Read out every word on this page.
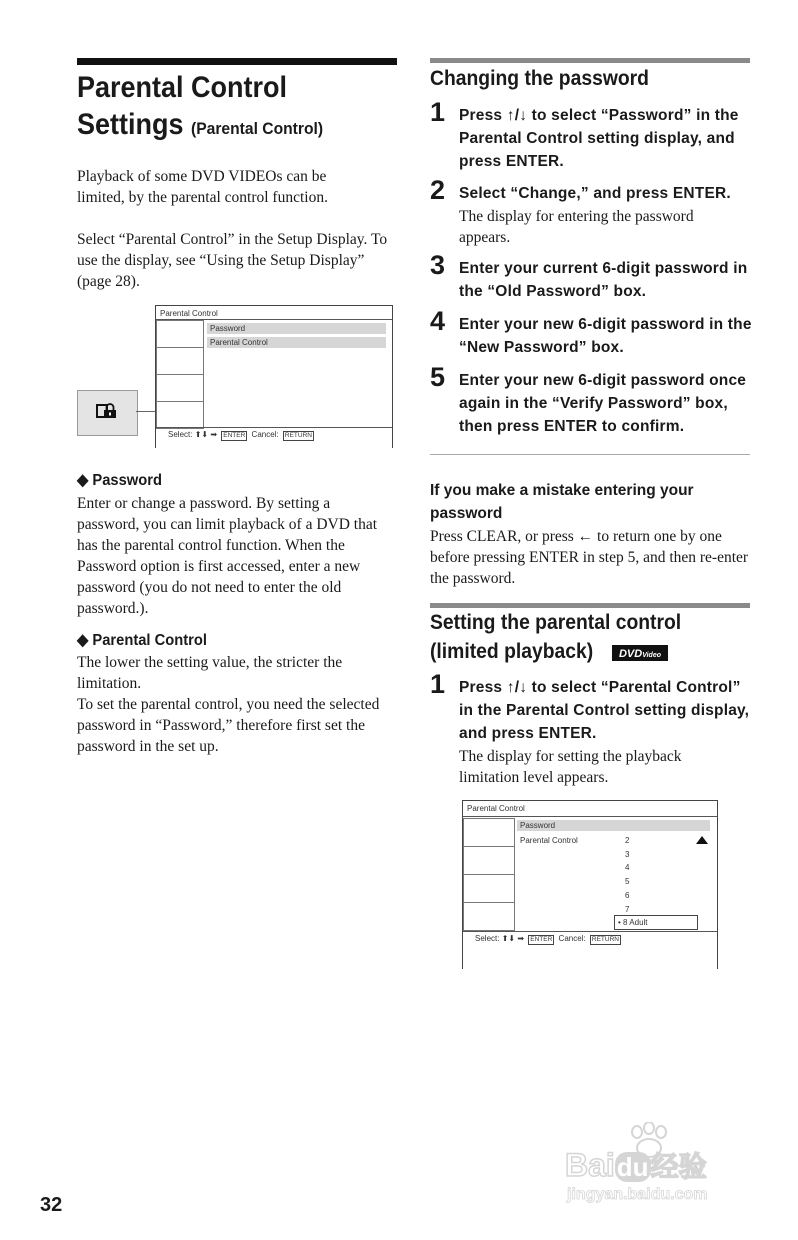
Parental Control
Settings (Parental Control)
Playback of some DVD VIDEOs can be limited, by the parental control function.
Select “Parental Control” in the Setup Display. To use the display, see “Using the Setup Display” (page 28).
Parental Control
Password
Parental Control
Select: ⬆⬇ ➡ ENTER Cancel: RETURN
◆ Password
Enter or change a password. By setting a password, you can limit playback of a DVD that has the parental control function. When the Password option is first accessed, enter a new password (you do not need to enter the old password.).
◆ Parental Control
The lower the setting value, the stricter the limitation.
To set the parental control, you need the selected password in “Password,” therefore first set the password in the set up.
Changing the password
1 Press ↑/↓ to select “Password” in the Parental Control setting display, and press ENTER.
2 Select “Change,” and press ENTER.
The display for entering the password appears.
3 Enter your current 6-digit password in the “Old Password” box.
4 Enter your new 6-digit password in the “New Password” box.
5 Enter your new 6-digit password once again in the “Verify Password” box, then press ENTER to confirm.
If you make a mistake entering your password
Press CLEAR, or press ← to return one by one before pressing ENTER in step 5, and then re-enter the password.
Setting the parental control
(limited playback)	DVDVideo
1 Press ↑/↓ to select “Parental Control” in the Parental Control setting display, and press ENTER.
The display for setting the playback limitation level appears.
Parental Control
Password
Parental Control	2
3
4
5
6
7
• 8 Adult
Select: ⬆⬇ ➡ ENTER Cancel: RETURN
32
Baidu经验
jingyan.baidu.com
